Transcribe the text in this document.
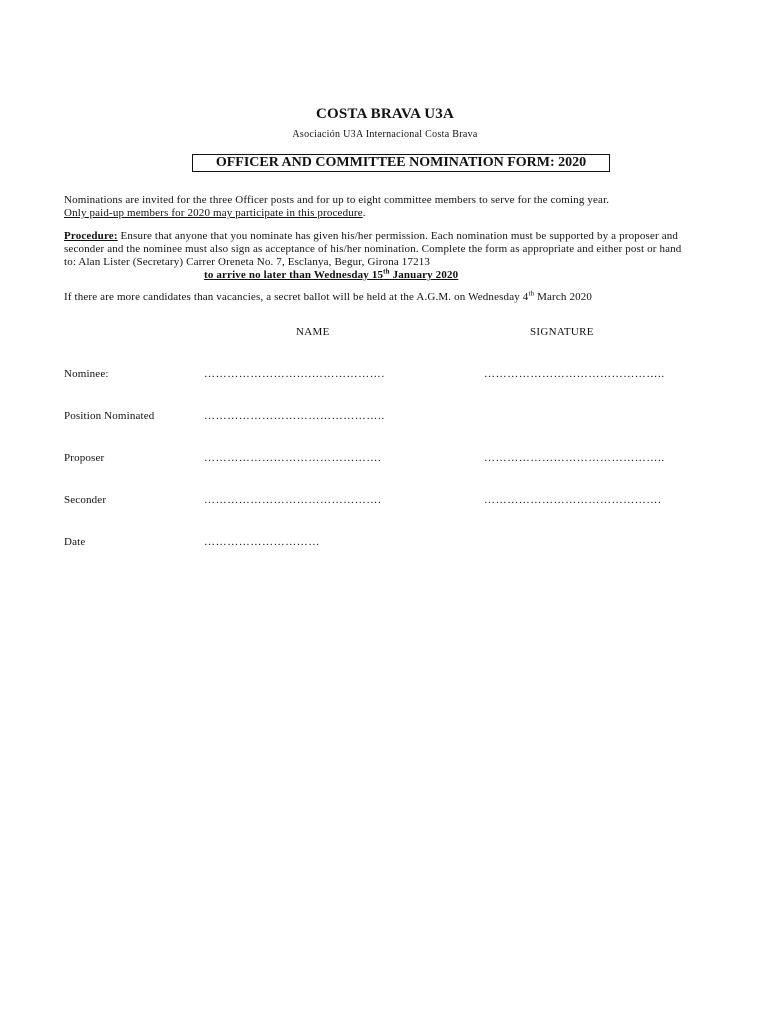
COSTA BRAVA U3A
Asociación U3A Internacional Costa Brava
OFFICER AND COMMITTEE NOMINATION FORM: 2020
Nominations are invited for the three Officer posts and for up to eight committee members to serve for the coming year.
Only paid-up members for 2020 may participate in this procedure.
Procedure: Ensure that anyone that you nominate has given his/her permission. Each nomination must be supported by a proposer and seconder and the nominee must also sign as acceptance of his/her nomination. Complete the form as appropriate and either post or hand to: Alan Lister (Secretary) Carrer Oreneta No. 7, Esclanya, Begur, Girona 17213
to arrive no later than Wednesday 15th January 2020
If there are more candidates than vacancies, a secret ballot will be held at the A.G.M. on Wednesday 4th March 2020
NAME	SIGNATURE
Nominee:	……………………….……………….	………………………………………..
Position Nominated	………………………………………..
Proposer	……………………………………….	………………………………………..
Seconder	……………………………………….	……………………………………….
Date	…………………………
